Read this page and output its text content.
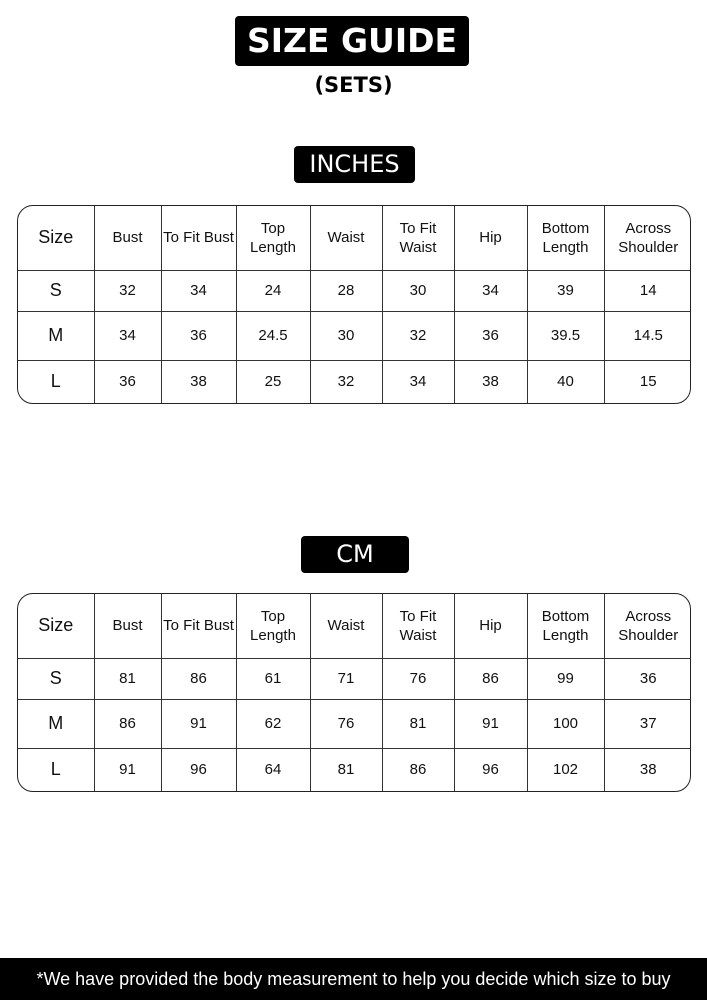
SIZE GUIDE
(SETS)
INCHES
Size	Bust	To Fit Bust	Top Length	Waist	To Fit Waist	Hip	Bottom Length	Across Shoulder
S	32	34	24	28	30	34	39	14
M	34	36	24.5	30	32	36	39.5	14.5
L	36	38	25	32	34	38	40	15
CM
Size	Bust	To Fit Bust	Top Length	Waist	To Fit Waist	Hip	Bottom Length	Across Shoulder
S	81	86	61	71	76	86	99	36
M	86	91	62	76	81	91	100	37
L	91	96	64	81	86	96	102	38
*We have provided the body measurement to help you decide which size to buy
